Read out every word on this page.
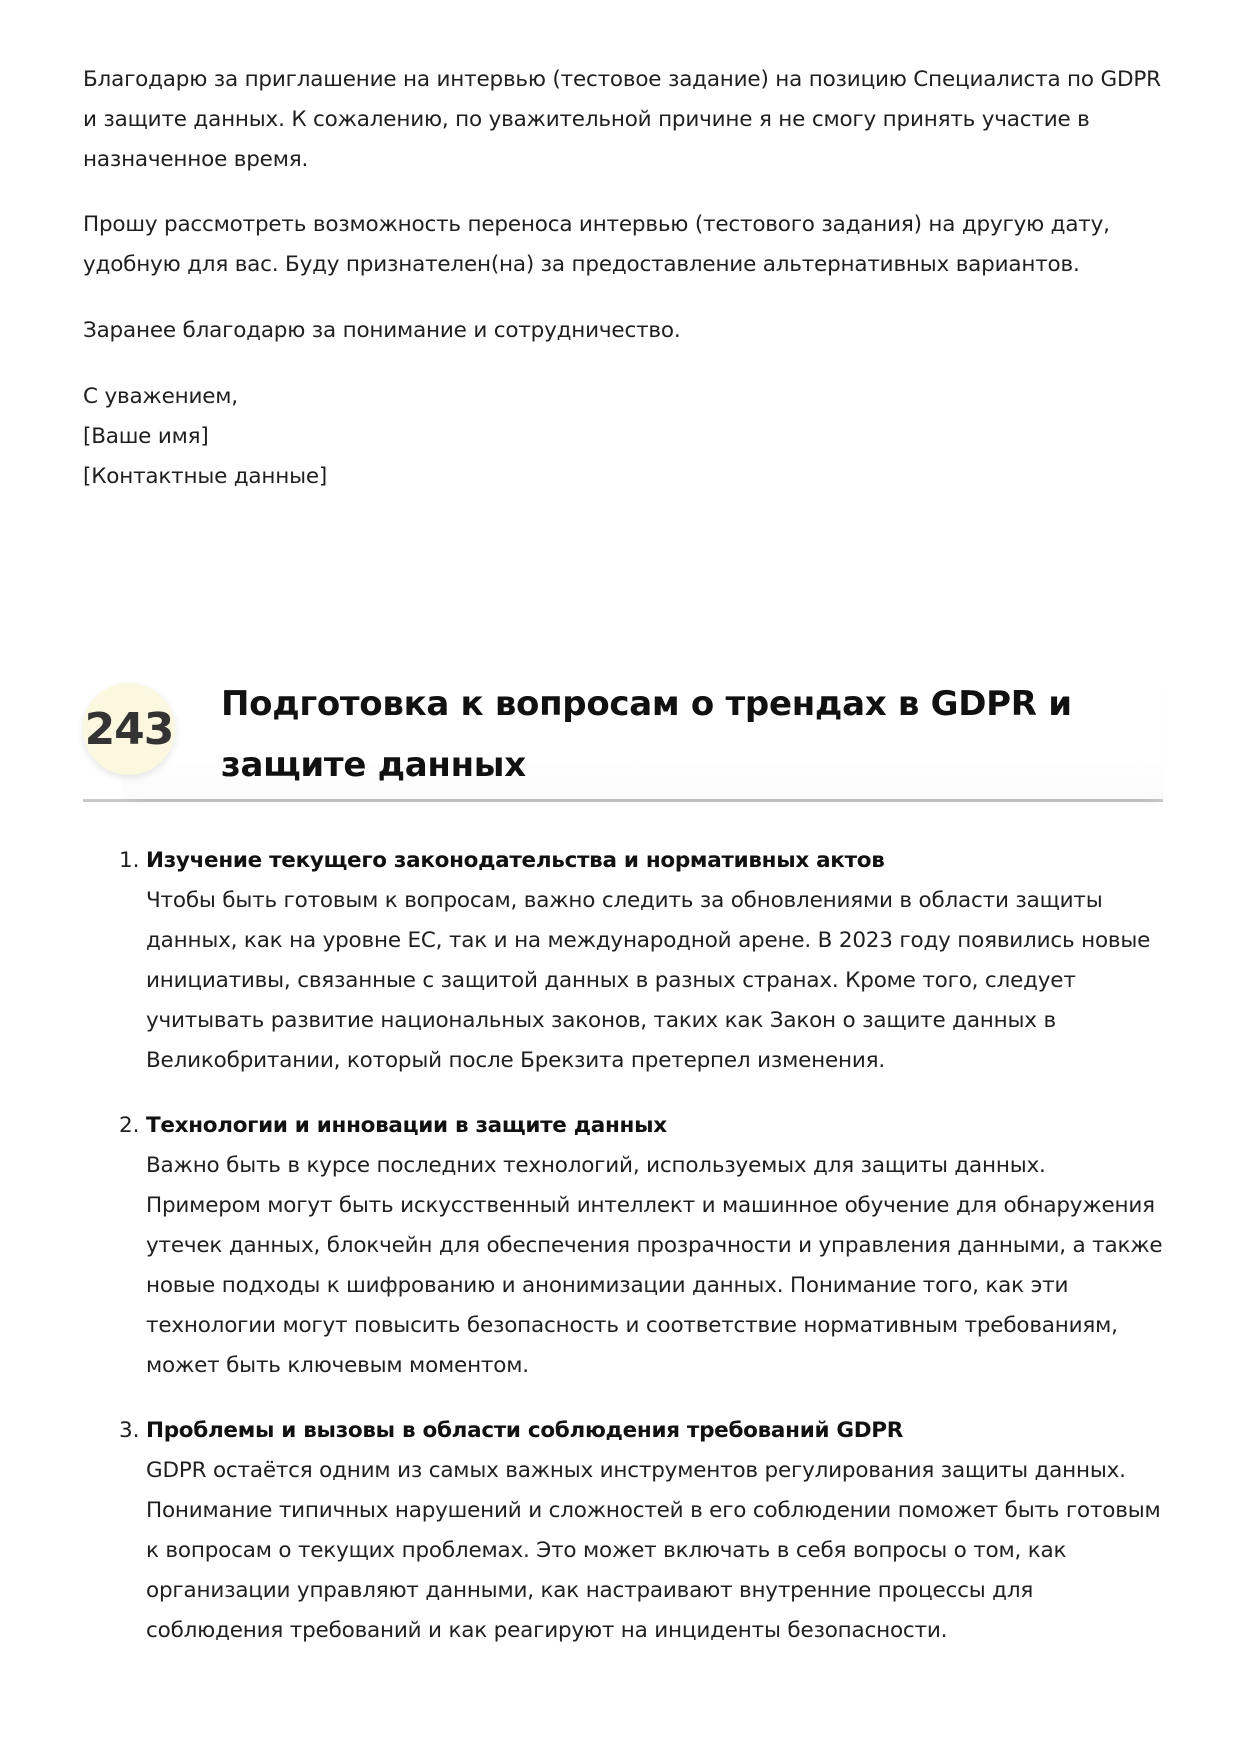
Благодарю за приглашение на интервью (тестовое задание) на позицию Специалиста по GDPR и защите данных. К сожалению, по уважительной причине я не смогу принять участие в назначенное время.

Прошу рассмотреть возможность переноса интервью (тестового задания) на другую дату, удобную для вас. Буду признателен(на) за предоставление альтернативных вариантов.

Заранее благодарю за понимание и сотрудничество.

С уважением,
[Ваше имя]
[Контактные данные]
243 Подготовка к вопросам о трендах в GDPR и защите данных
1. Изучение текущего законодательства и нормативных актов
Чтобы быть готовым к вопросам, важно следить за обновлениями в области защиты данных, как на уровне ЕС, так и на международной арене. В 2023 году появились новые инициативы, связанные с защитой данных в разных странах. Кроме того, следует учитывать развитие национальных законов, таких как Закон о защите данных в Великобритании, который после Брекзита претерпел изменения.
2. Технологии и инновации в защите данных
Важно быть в курсе последних технологий, используемых для защиты данных. Примером могут быть искусственный интеллект и машинное обучение для обнаружения утечек данных, блокчейн для обеспечения прозрачности и управления данными, а также новые подходы к шифрованию и анонимизации данных. Понимание того, как эти технологии могут повысить безопасность и соответствие нормативным требованиям, может быть ключевым моментом.
3. Проблемы и вызовы в области соблюдения требований GDPR
GDPR остаётся одним из самых важных инструментов регулирования защиты данных. Понимание типичных нарушений и сложностей в его соблюдении поможет быть готовым к вопросам о текущих проблемах. Это может включать в себя вопросы о том, как организации управляют данными, как настраивают внутренние процессы для соблюдения требований и как реагируют на инциденты безопасности.
